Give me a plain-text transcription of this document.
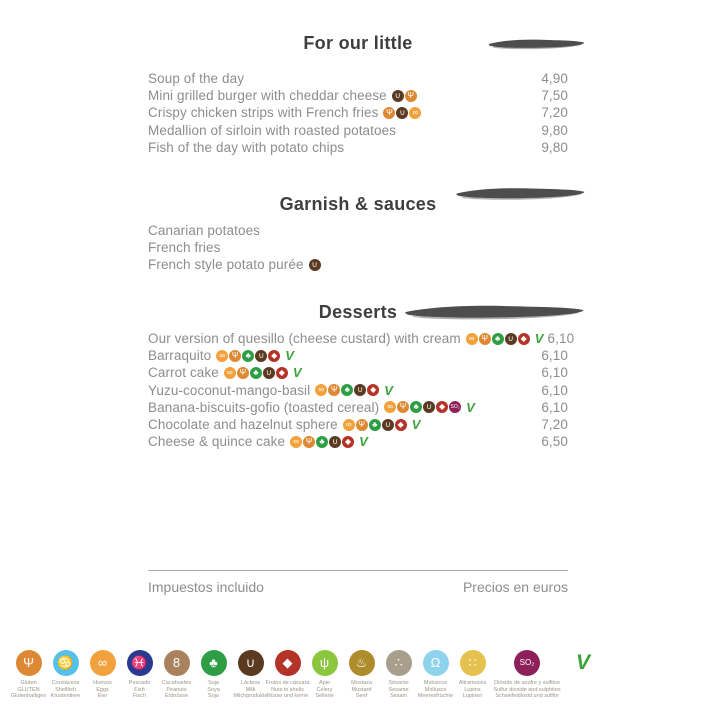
For our little
Soup of the day	4,90
Mini grilled burger with cheddar cheese	∪ Ψ	7,50
Crispy chicken strips with French fries Ψ ∪ ∞	7,20
Medallion of sirloin with roasted potatoes	9,80
Fish of the day with potato chips	9,80
Garnish & sauces
Canarian potatoes
French fries
French style potato purée	∪
Desserts
Our version of quesillo (cheese custard) with cream	∞ Ψ ♣ ∪ ◆ V 6,10
Barraquito	∞ Ψ ♣ ∪ ◆ V	6,10
Carrot cake	∞ Ψ ♣ ∪ ◆ V	6,10
Yuzu-coconut-mango-basil	∞ Ψ ♣ ∪ ◆ V	6,10
Banana-biscuits-gofio (toasted cereal)	∞ Ψ ♣ ∪ ◆	SO₂ V	6,10
Chocolate and hazelnut sphere	∞ Ψ ♣ ∪ ◆ V	7,20
Cheese & quince cake	∞ Ψ ♣ ∪ ◆ V	6,50
Impuestos incluido	Precios en euros
Ψ
Gluten
GLUTEN
Glutenhaltiges
♋
Crustáceos
Shellfish
Krustentiere
∞
Huevos
Eggs
Eier
♓
Pescado
Fish
Fisch
8
Cacahuetes
Peanuts
Erdnüsse
♣
Soja
Soya
Soja
∪
Lácteos
Milk
Milchprodukte
◆
Frutos de cáscara
Nuts in shells
Nüsse und kerne
ψ
Apio
Celery
Sellerie
♨
Mostaza
Mustard
Senf
∴
Sésamo
Sesame
Sesam
Ω
Moluscos
Molluscs
Meeresfrüchte
∷
Altramuces
Lupins
Lupinen
SO₂
Dióxido de azufre y sulfitos
Sulfur dioxide and sulphites
Schwefeldioxid und sulfite
V
